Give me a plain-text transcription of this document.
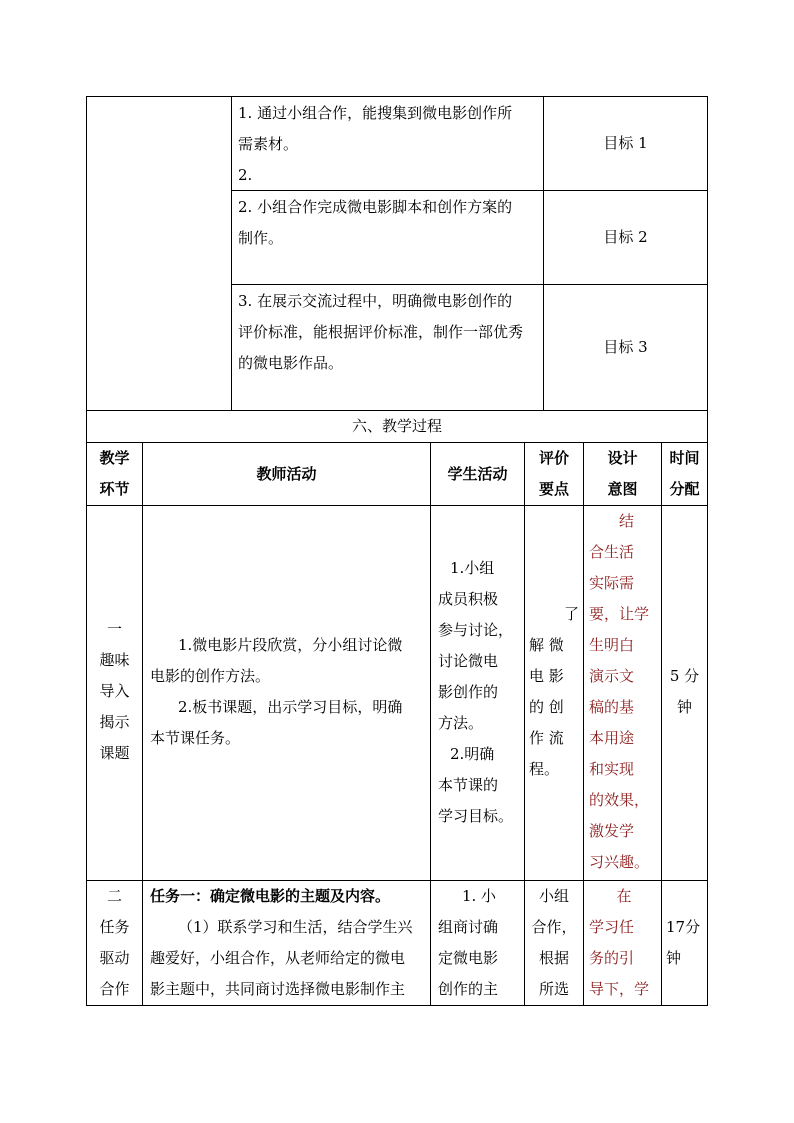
1. 通过小组合作，能搜集到微电影创作所
需素材。
2.
目标 1
2. 小组合作完成微电影脚本和创作方案的
制作。	目标 2
3. 在展示交流过程中，明确微电影创作的
评价标准，能根据评价标准，制作一部优秀
的微电影作品。
目标 3
六、教学过程
教学
环节
教师活动	学生活动
评价
要点
设计
意图
时间
分配
一
趣味
导入
揭示
课题
1.微电影片段欣赏，分小组讨论微
电影的创作方法。
2.板书课题，出示学习目标，明确
本节课任务。
1.小组
成员积极
参与讨论，
讨论微电
影创作的
方法。
2.明确
本节课的
学习目标。
了
解 微
电 影
的 创
作 流
程。
结
合生活
实际需
要，让学
生明白
演示文
稿的基
本用途
和实现
的效果，
激发学
习兴趣。
5 分
钟
二
任务
驱动
合作
任务一：确定微电影的主题及内容。
（1）联系学习和生活，结合学生兴
趣爱好，小组合作，从老师给定的微电
影主题中，共同商讨选择微电影制作主
1. 小
组商讨确
定微电影
创作的主
小组
合作，
根据
所选
在
学习任
务的引
导下，学
17分
钟
